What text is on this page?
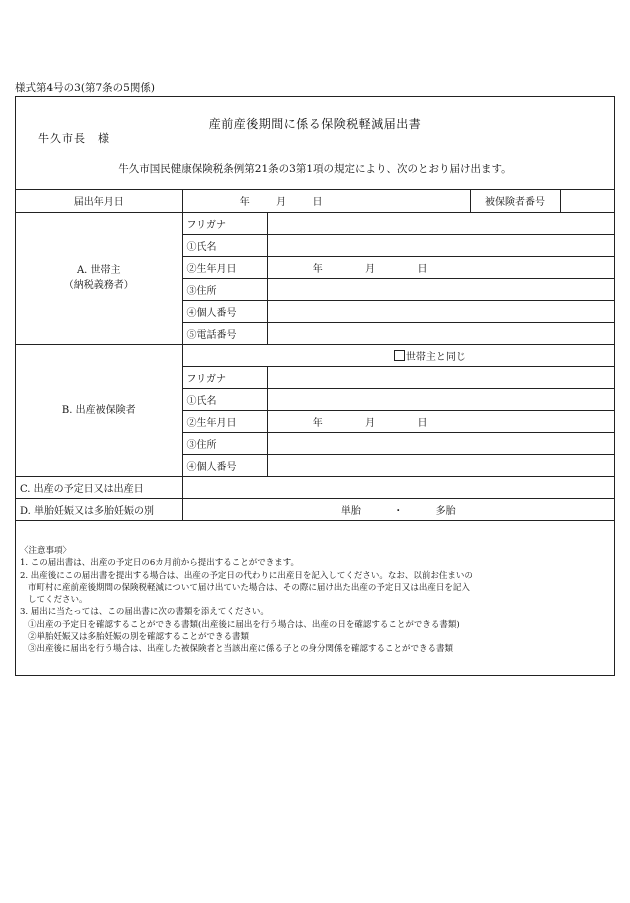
様式第4号の3(第7条の5関係)
産前産後期間に係る保険税軽減届出書
牛久市長　様
牛久市国民健康保険税条例第21条の3第1項の規定により、次のとおり届け出ます。
届出年月日	年 月 日		被保険者番号	

A. 世帯主
（納税義務者）	フリガナ			
	①氏名			
	②生年月日	年 月 日		
	③住所			
	④個人番号			
	⑤電話番号			
B. 出産被保険者	世帯主と同じ			
	フリガナ			
	①氏名			
	②生年月日	年 月 日		
	③住所			
	④個人番号			
C. 出産の予定日又は出産日				
D. 単胎妊娠又は多胎妊娠の別	単胎 ・ 多胎			
〈注意事項〉
1. この届出書は、出産の予定日の6カ月前から提出することができます。
2. 出産後にこの届出書を提出する場合は、出産の予定日の代わりに出産日を記入してください。なお、以前お住まいの
市町村に産前産後期間の保険税軽減について届け出ていた場合は、その際に届け出た出産の予定日又は出産日を記入
してください。
3. 届出に当たっては、この届出書に次の書類を添えてください。
①出産の予定日を確認することができる書類(出産後に届出を行う場合は、出産の日を確認することができる書類)
②単胎妊娠又は多胎妊娠の別を確認することができる書類
③出産後に届出を行う場合は、出産した被保険者と当該出産に係る子との身分関係を確認することができる書類
